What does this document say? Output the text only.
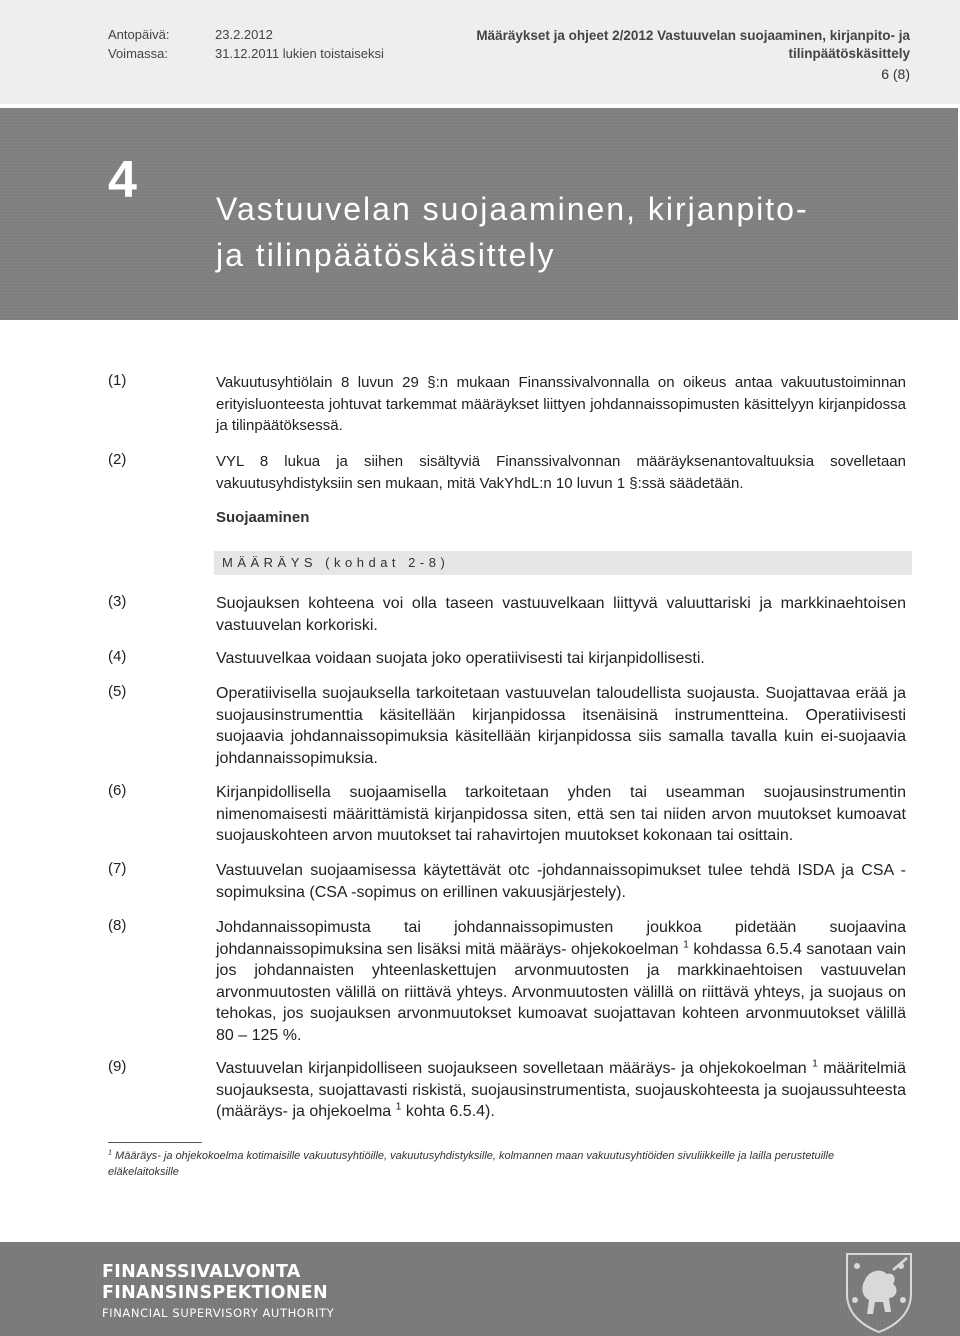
Antopäivä:	23.2.2012
Voimassa:	31.12.2011 lukien toistaiseksi
Määräykset ja ohjeet 2/2012 Vastuuvelan suojaaminen, kirjanpito- ja
tilinpäätöskäsittely
6 (8)
4 Vastuuvelan suojaaminen, kirjanpito-
ja tilinpäätöskäsittely
(1)	Vakuutusyhtiölain 8 luvun 29 §:n mukaan Finanssivalvonnalla on oikeus antaa vakuutustoiminnan erityisluonteesta johtuvat tarkemmat määräykset liittyen johdannaissopimusten käsittelyyn kirjanpidossa ja tilinpäätöksessä.
(2)	VYL 8 lukua ja siihen sisältyviä Finanssivalvonnan määräyksenantovaltuuksia sovelletaan vakuutusyhdistyksiin sen mukaan, mitä VakYhdL:n 10 luvun 1 §:ssä säädetään.
Suojaaminen
MÄÄRÄYS (kohdat 2-8)
(3)	Suojauksen kohteena voi olla taseen vastuuvelkaan liittyvä valuuttariski ja markkinaehtoisen vastuuvelan korkoriski.
(4)	Vastuuvelkaa voidaan suojata joko operatiivisesti tai kirjanpidollisesti.
(5)	Operatiivisella suojauksella tarkoitetaan vastuuvelan taloudellista suojausta. Suojattavaa erää ja suojausinstrumenttia käsitellään kirjanpidossa itsenäisinä instrumentteina. Operatiivisesti suojaavia johdannaissopimuksia käsitellään kirjanpidossa siis samalla tavalla kuin ei-suojaavia johdannaissopimuksia.
(6)	Kirjanpidollisella suojaamisella tarkoitetaan yhden tai useamman suojausinstrumentin nimenomaisesti määrittämistä kirjanpidossa siten, että sen tai niiden arvon muutokset kumoavat suojauskohteen arvon muutokset tai rahavirtojen muutokset kokonaan tai osittain.
(7)	Vastuuvelan suojaamisessa käytettävät otc -johdannaissopimukset tulee tehdä ISDA ja CSA -sopimuksina (CSA -sopimus on erillinen vakuusjärjestely).
(8)	Johdannaissopimusta tai johdannaissopimusten joukkoa pidetään suojaavina johdannaissopimuksina sen lisäksi mitä määräys- ohjekokoelman $^1$ kohdassa 6.5.4 sanotaan vain jos johdannaisten yhteenlaskettujen arvonmuutosten ja markkinaehtoisen vastuuvelan arvonmuutosten välillä on riittävä yhteys. Arvonmuutosten välillä on riittävä yhteys, ja suojaus on tehokas, jos suojauksen arvonmuutokset kumoavat suojattavan kohteen arvonmuutokset välillä 80 – 125 %.
(9)	Vastuuvelan kirjanpidolliseen suojaukseen sovelletaan määräys- ja ohjekokoelman $^1$ määritelmiä suojauksesta, suojattavasti riskistä, suojausinstrumentista, suojauskohteesta ja suojaussuhteesta (määräys- ja ohjekoelma $^1$ kohta 6.5.4).
$^1$ Määräys- ja ohjekokoelma kotimaisille vakuutusyhtiöille, vakuutusyhdistyksille, kolmannen maan vakuutusyhtiöiden sivuliikkeille ja lailla perustetuille eläkelaitoksille
FINANSSIVALVONTA
FINANSINSPEKTIONEN
FINANCIAL SUPERVISORY AUTHORITY
